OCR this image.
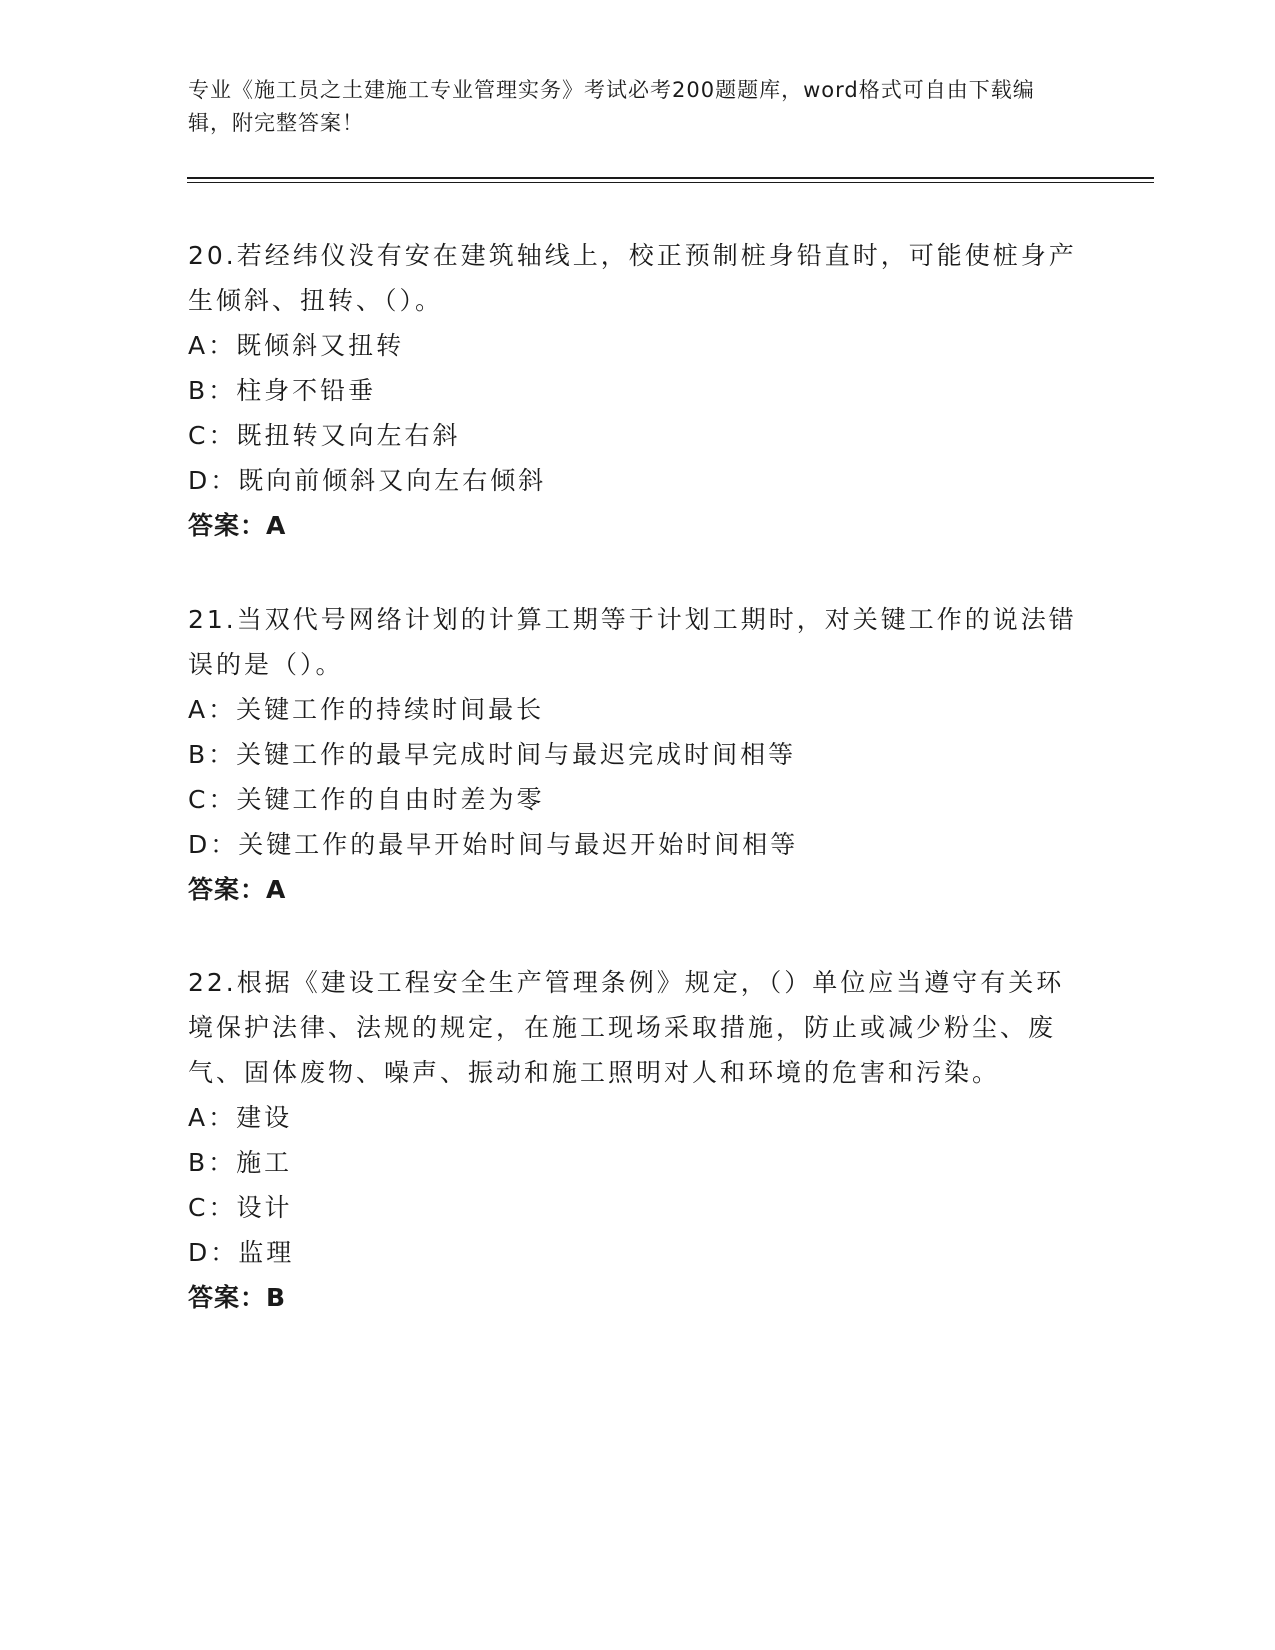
专业《施工员之土建施工专业管理实务》考试必考200题题库，word格式可自由下载编辑，附完整答案！

20.若经纬仪没有安在建筑轴线上，校正预制桩身铅直时，可能使桩身产生倾斜、扭转、（）。

A：既倾斜又扭转
B：柱身不铅垂
C：既扭转又向左右斜
D：既向前倾斜又向左右倾斜
答案：A

21.当双代号网络计划的计算工期等于计划工期时，对关键工作的说法错误的是（）。

A：关键工作的持续时间最长
B：关键工作的最早完成时间与最迟完成时间相等
C：关键工作的自由时差为零
D：关键工作的最早开始时间与最迟开始时间相等
答案：A

22.根据《建设工程安全生产管理条例》规定，（）单位应当遵守有关环境保护法律、法规的规定，在施工现场采取措施，防止或减少粉尘、废气、固体废物、噪声、振动和施工照明对人和环境的危害和污染。

A：建设
B：施工
C：设计
D：监理
答案：B
